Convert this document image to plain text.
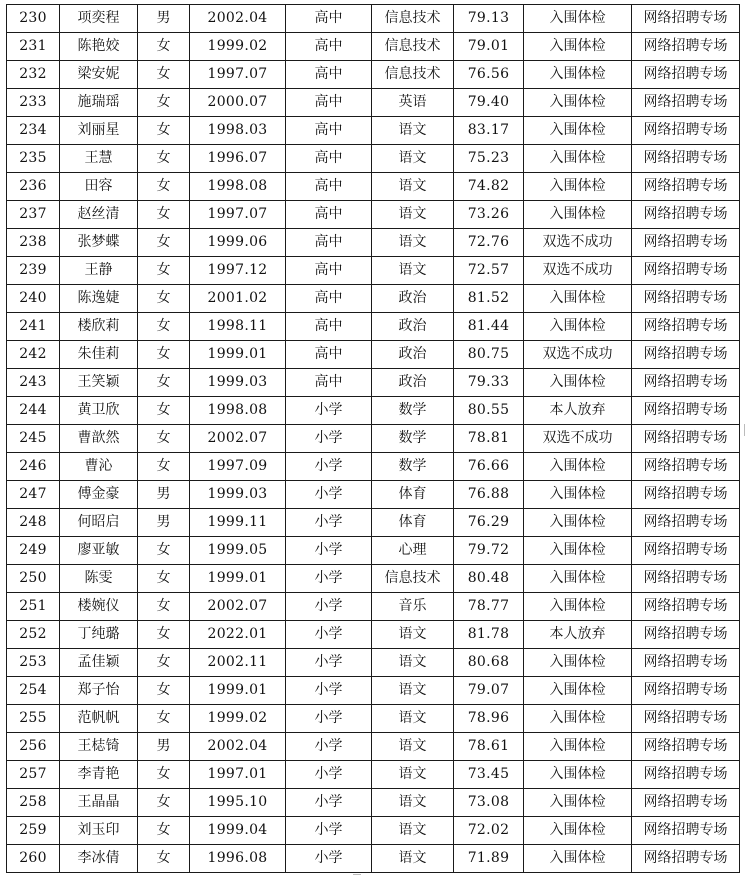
230	项奕程	男	2002.04	高中	信息技术	79.13	入围体检	网络招聘专场
231	陈艳姣	女	1999.02	高中	信息技术	79.01	入围体检	网络招聘专场
232	梁安妮	女	1997.07	高中	信息技术	76.56	入围体检	网络招聘专场
233	施瑞瑶	女	2000.07	高中	英语	79.40	入围体检	网络招聘专场
234	刘丽星	女	1998.03	高中	语文	83.17	入围体检	网络招聘专场
235	王慧	女	1996.07	高中	语文	75.23	入围体检	网络招聘专场
236	田容	女	1998.08	高中	语文	74.82	入围体检	网络招聘专场
237	赵丝清	女	1997.07	高中	语文	73.26	入围体检	网络招聘专场
238	张梦蝶	女	1999.06	高中	语文	72.76	双选不成功	网络招聘专场
239	王静	女	1997.12	高中	语文	72.57	双选不成功	网络招聘专场
240	陈逸婕	女	2001.02	高中	政治	81.52	入围体检	网络招聘专场
241	楼欣莉	女	1998.11	高中	政治	81.44	入围体检	网络招聘专场
242	朱佳莉	女	1999.01	高中	政治	80.75	双选不成功	网络招聘专场
243	王笑颖	女	1999.03	高中	政治	79.33	入围体检	网络招聘专场
244	黄卫欣	女	1998.08	小学	数学	80.55	本人放弃	网络招聘专场
245	曹歆然	女	2002.07	小学	数学	78.81	双选不成功	网络招聘专场
246	曹沁	女	1997.09	小学	数学	76.66	入围体检	网络招聘专场
247	傅金豪	男	1999.03	小学	体育	76.88	入围体检	网络招聘专场
248	何昭启	男	1999.11	小学	体育	76.29	入围体检	网络招聘专场
249	廖亚敏	女	1999.05	小学	心理	79.72	入围体检	网络招聘专场
250	陈雯	女	1999.01	小学	信息技术	80.48	入围体检	网络招聘专场
251	楼婉仪	女	2002.07	小学	音乐	78.77	入围体检	网络招聘专场
252	丁纯璐	女	2022.01	小学	语文	81.78	本人放弃	网络招聘专场
253	孟佳颖	女	2002.11	小学	语文	80.68	入围体检	网络招聘专场
254	郑子怡	女	1999.01	小学	语文	79.07	入围体检	网络招聘专场
255	范帆帆	女	1999.02	小学	语文	78.96	入围体检	网络招聘专场
256	王梽锜	男	2002.04	小学	语文	78.61	入围体检	网络招聘专场
257	李青艳	女	1997.01	小学	语文	73.45	入围体检	网络招聘专场
258	王晶晶	女	1995.10	小学	语文	73.08	入围体检	网络招聘专场
259	刘玉印	女	1999.04	小学	语文	72.02	入围体检	网络招聘专场
260	李冰倩	女	1996.08	小学	语文	71.89	入围体检	网络招聘专场
